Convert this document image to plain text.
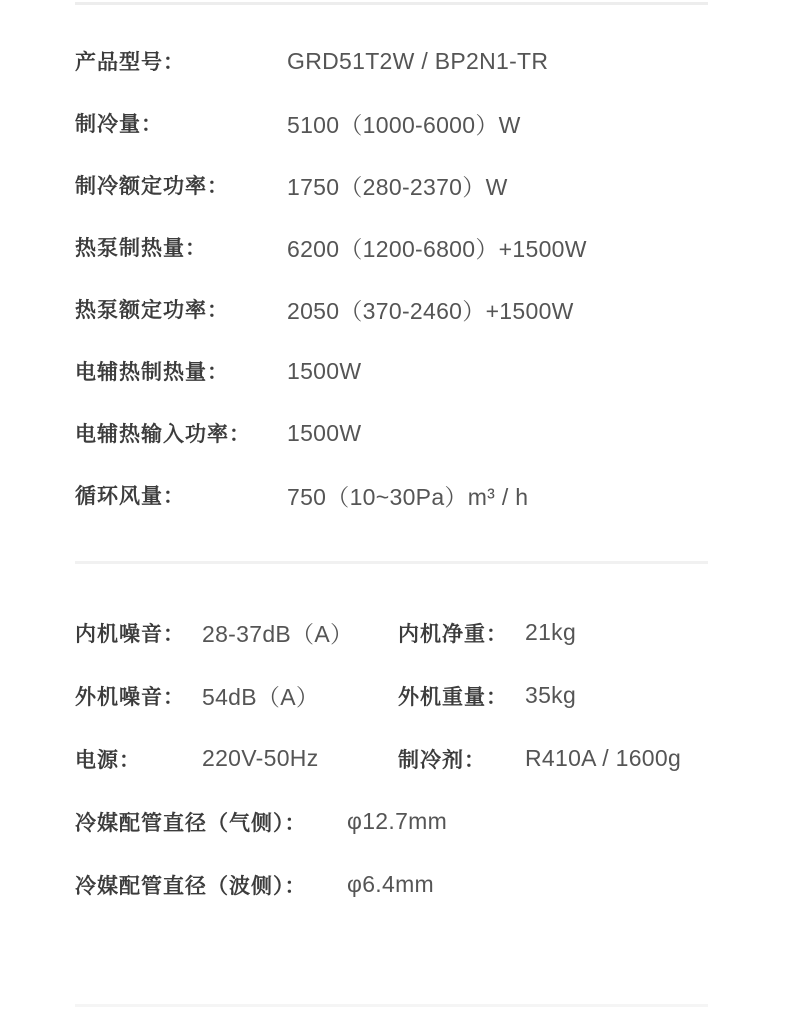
产品型号：	GRD51T2W / BP2N1-TR
制冷量：	5100（1000-6000）W
制冷额定功率：	1750（280-2370）W
热泵制热量：	6200（1200-6800）+1500W
热泵额定功率：	2050（370-2460）+1500W
电辅热制热量：	1500W
电辅热输入功率：	1500W
循环风量：	750（10~30Pa）m³ / h
内机噪音： 28-37dB（A）	内机净重： 21kg
外机噪音： 54dB（A）	外机重量： 35kg
电源：	220V-50Hz	制冷剂：	R410A / 1600g
冷媒配管直径（气侧）：	φ12.7mm
冷媒配管直径（波侧）：	φ6.4mm
